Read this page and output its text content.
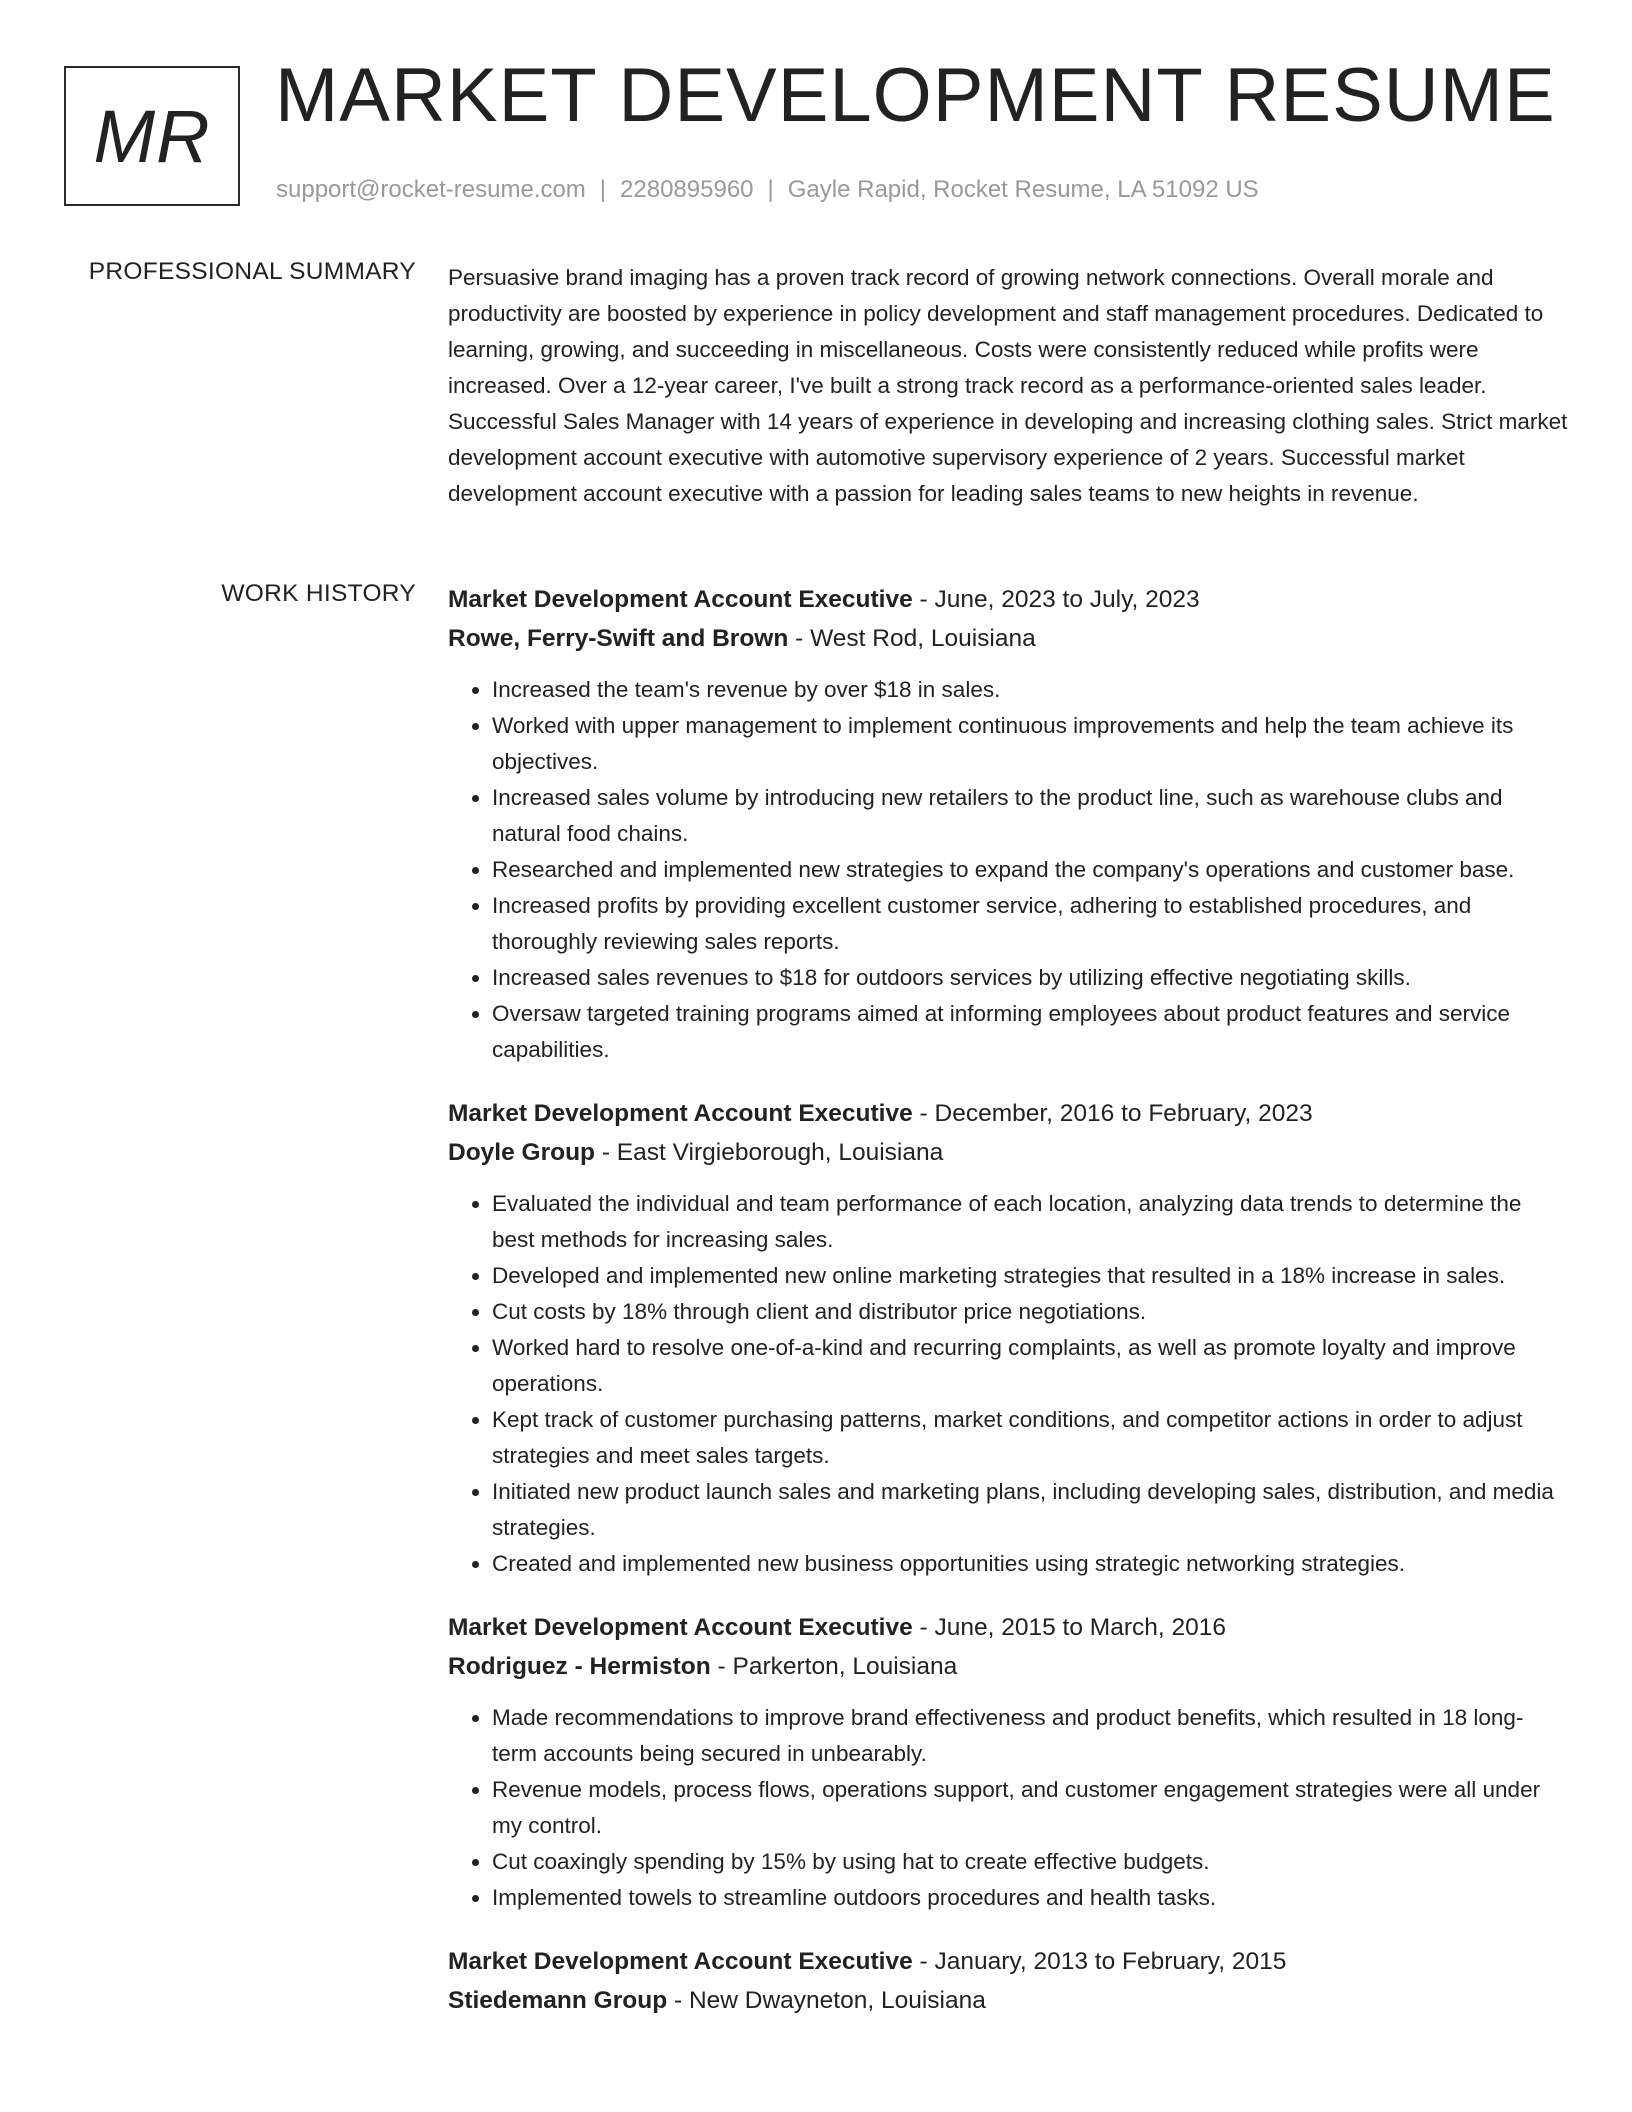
MR MARKET DEVELOPMENT RESUME
support@rocket-resume.com | 2280895960 | Gayle Rapid, Rocket Resume, LA 51092 US
PROFESSIONAL SUMMARY Persuasive brand imaging has a proven track record of growing network connections. Overall morale and productivity are boosted by experience in policy development and staff management procedures. Dedicated to learning, growing, and succeeding in miscellaneous. Costs were consistently reduced while profits were increased. Over a 12-year career, I've built a strong track record as a performance-oriented sales leader. Successful Sales Manager with 14 years of experience in developing and increasing clothing sales. Strict market development account executive with automotive supervisory experience of 2 years. Successful market development account executive with a passion for leading sales teams to new heights in revenue.

WORK HISTORY Market Development Account Executive - June, 2023 to July, 2023
Rowe, Ferry-Swift and Brown - West Rod, Louisiana
• Increased the team's revenue by over $18 in sales.
• Worked with upper management to implement continuous improvements and help the team achieve its objectives.
• Increased sales volume by introducing new retailers to the product line, such as warehouse clubs and natural food chains.
• Researched and implemented new strategies to expand the company's operations and customer base.
• Increased profits by providing excellent customer service, adhering to established procedures, and thoroughly reviewing sales reports.
• Increased sales revenues to $18 for outdoors services by utilizing effective negotiating skills.
• Oversaw targeted training programs aimed at informing employees about product features and service capabilities.
Market Development Account Executive - December, 2016 to February, 2023
Doyle Group - East Virgieborough, Louisiana
• Evaluated the individual and team performance of each location, analyzing data trends to determine the best methods for increasing sales.
• Developed and implemented new online marketing strategies that resulted in a 18% increase in sales.
• Cut costs by 18% through client and distributor price negotiations.
• Worked hard to resolve one-of-a-kind and recurring complaints, as well as promote loyalty and improve operations.
• Kept track of customer purchasing patterns, market conditions, and competitor actions in order to adjust strategies and meet sales targets.
• Initiated new product launch sales and marketing plans, including developing sales, distribution, and media strategies.
• Created and implemented new business opportunities using strategic networking strategies.
Market Development Account Executive - June, 2015 to March, 2016
Rodriguez - Hermiston - Parkerton, Louisiana
• Made recommendations to improve brand effectiveness and product benefits, which resulted in 18 long-term accounts being secured in unbearably.
• Revenue models, process flows, operations support, and customer engagement strategies were all under my control.
• Cut coaxingly spending by 15% by using hat to create effective budgets.
• Implemented towels to streamline outdoors procedures and health tasks.
Market Development Account Executive - January, 2013 to February, 2015
Stiedemann Group - New Dwayneton, Louisiana
